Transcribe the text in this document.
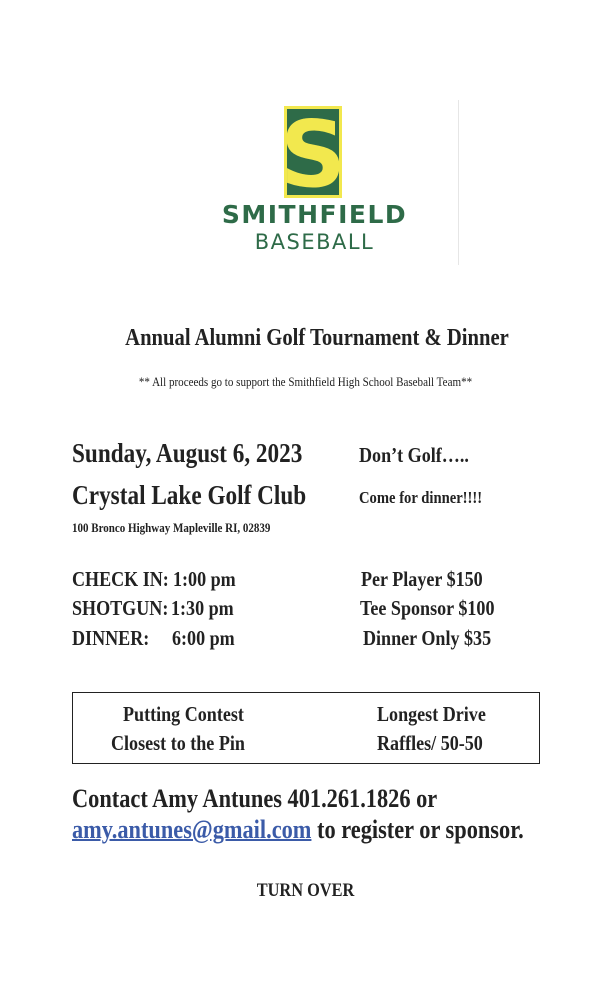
S
SMITHFIELD
BASEBALL
Annual Alumni Golf Tournament & Dinner
** All proceeds go to support the Smithfield High School Baseball Team**
Sunday, August 6, 2023
Crystal Lake Golf Club
100 Bronco Highway Mapleville RI, 02839
Don’t Golf…..
Come for dinner!!!!
CHECK IN: 1:00 pm
SHOTGUN: 1:30 pm
DINNER: 6:00 pm
Per Player $150
Tee Sponsor $100
Dinner Only $35
Putting Contest
Closest to the Pin
Longest Drive
Raffles/ 50-50
Contact Amy Antunes 401.261.1826 or
amy.antunes@gmail.com to register or sponsor.
TURN OVER
